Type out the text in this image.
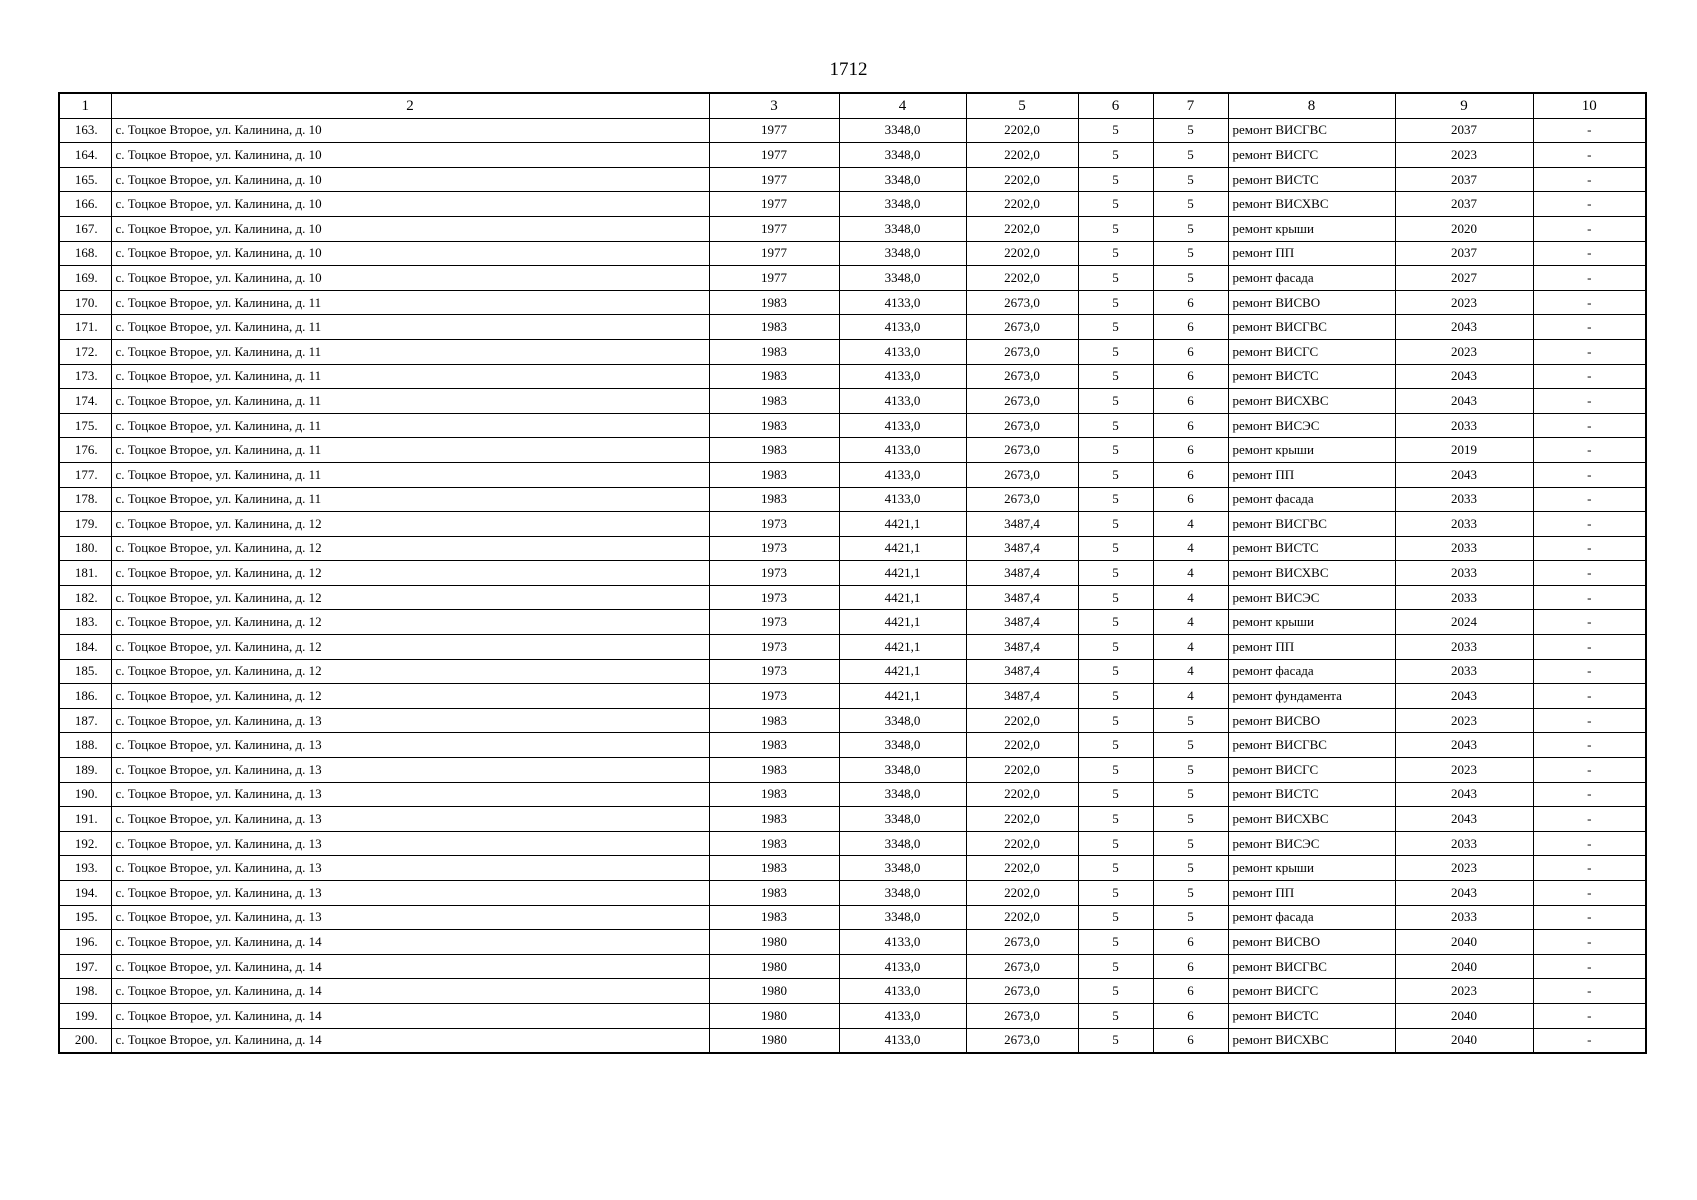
1712
1	2	3	4	5	6	7	8	9	10
163.	с. Тоцкое Второе, ул. Калинина, д. 10	1977	3348,0	2202,0	5	5	ремонт ВИСГВС	2037	-
164.	с. Тоцкое Второе, ул. Калинина, д. 10	1977	3348,0	2202,0	5	5	ремонт ВИСГС	2023	-
165.	с. Тоцкое Второе, ул. Калинина, д. 10	1977	3348,0	2202,0	5	5	ремонт ВИСТС	2037	-
166.	с. Тоцкое Второе, ул. Калинина, д. 10	1977	3348,0	2202,0	5	5	ремонт ВИСХВС	2037	-
167.	с. Тоцкое Второе, ул. Калинина, д. 10	1977	3348,0	2202,0	5	5	ремонт крыши	2020	-
168.	с. Тоцкое Второе, ул. Калинина, д. 10	1977	3348,0	2202,0	5	5	ремонт ПП	2037	-
169.	с. Тоцкое Второе, ул. Калинина, д. 10	1977	3348,0	2202,0	5	5	ремонт фасада	2027	-
170.	с. Тоцкое Второе, ул. Калинина, д. 11	1983	4133,0	2673,0	5	6	ремонт ВИСВО	2023	-
171.	с. Тоцкое Второе, ул. Калинина, д. 11	1983	4133,0	2673,0	5	6	ремонт ВИСГВС	2043	-
172.	с. Тоцкое Второе, ул. Калинина, д. 11	1983	4133,0	2673,0	5	6	ремонт ВИСГС	2023	-
173.	с. Тоцкое Второе, ул. Калинина, д. 11	1983	4133,0	2673,0	5	6	ремонт ВИСТС	2043	-
174.	с. Тоцкое Второе, ул. Калинина, д. 11	1983	4133,0	2673,0	5	6	ремонт ВИСХВС	2043	-
175.	с. Тоцкое Второе, ул. Калинина, д. 11	1983	4133,0	2673,0	5	6	ремонт ВИСЭС	2033	-
176.	с. Тоцкое Второе, ул. Калинина, д. 11	1983	4133,0	2673,0	5	6	ремонт крыши	2019	-
177.	с. Тоцкое Второе, ул. Калинина, д. 11	1983	4133,0	2673,0	5	6	ремонт ПП	2043	-
178.	с. Тоцкое Второе, ул. Калинина, д. 11	1983	4133,0	2673,0	5	6	ремонт фасада	2033	-
179.	с. Тоцкое Второе, ул. Калинина, д. 12	1973	4421,1	3487,4	5	4	ремонт ВИСГВС	2033	-
180.	с. Тоцкое Второе, ул. Калинина, д. 12	1973	4421,1	3487,4	5	4	ремонт ВИСТС	2033	-
181.	с. Тоцкое Второе, ул. Калинина, д. 12	1973	4421,1	3487,4	5	4	ремонт ВИСХВС	2033	-
182.	с. Тоцкое Второе, ул. Калинина, д. 12	1973	4421,1	3487,4	5	4	ремонт ВИСЭС	2033	-
183.	с. Тоцкое Второе, ул. Калинина, д. 12	1973	4421,1	3487,4	5	4	ремонт крыши	2024	-
184.	с. Тоцкое Второе, ул. Калинина, д. 12	1973	4421,1	3487,4	5	4	ремонт ПП	2033	-
185.	с. Тоцкое Второе, ул. Калинина, д. 12	1973	4421,1	3487,4	5	4	ремонт фасада	2033	-
186.	с. Тоцкое Второе, ул. Калинина, д. 12	1973	4421,1	3487,4	5	4	ремонт фундамента	2043	-
187.	с. Тоцкое Второе, ул. Калинина, д. 13	1983	3348,0	2202,0	5	5	ремонт ВИСВО	2023	-
188.	с. Тоцкое Второе, ул. Калинина, д. 13	1983	3348,0	2202,0	5	5	ремонт ВИСГВС	2043	-
189.	с. Тоцкое Второе, ул. Калинина, д. 13	1983	3348,0	2202,0	5	5	ремонт ВИСГС	2023	-
190.	с. Тоцкое Второе, ул. Калинина, д. 13	1983	3348,0	2202,0	5	5	ремонт ВИСТС	2043	-
191.	с. Тоцкое Второе, ул. Калинина, д. 13	1983	3348,0	2202,0	5	5	ремонт ВИСХВС	2043	-
192.	с. Тоцкое Второе, ул. Калинина, д. 13	1983	3348,0	2202,0	5	5	ремонт ВИСЭС	2033	-
193.	с. Тоцкое Второе, ул. Калинина, д. 13	1983	3348,0	2202,0	5	5	ремонт крыши	2023	-
194.	с. Тоцкое Второе, ул. Калинина, д. 13	1983	3348,0	2202,0	5	5	ремонт ПП	2043	-
195.	с. Тоцкое Второе, ул. Калинина, д. 13	1983	3348,0	2202,0	5	5	ремонт фасада	2033	-
196.	с. Тоцкое Второе, ул. Калинина, д. 14	1980	4133,0	2673,0	5	6	ремонт ВИСВО	2040	-
197.	с. Тоцкое Второе, ул. Калинина, д. 14	1980	4133,0	2673,0	5	6	ремонт ВИСГВС	2040	-
198.	с. Тоцкое Второе, ул. Калинина, д. 14	1980	4133,0	2673,0	5	6	ремонт ВИСГС	2023	-
199.	с. Тоцкое Второе, ул. Калинина, д. 14	1980	4133,0	2673,0	5	6	ремонт ВИСТС	2040	-
200.	с. Тоцкое Второе, ул. Калинина, д. 14	1980	4133,0	2673,0	5	6	ремонт ВИСХВС	2040	-
